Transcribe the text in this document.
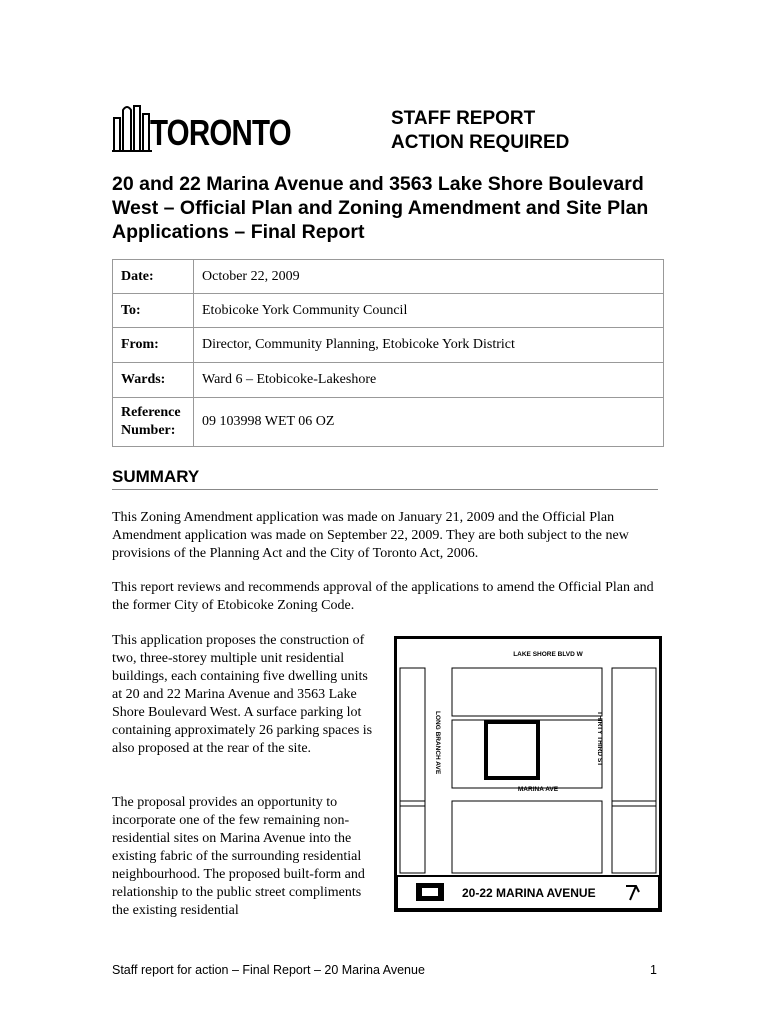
TORONTO	STAFF REPORT
ACTION REQUIRED
20 and 22 Marina Avenue and 3563 Lake Shore Boulevard West – Official Plan and Zoning Amendment and Site Plan Applications – Final Report
Date:	October 22, 2009
To:	Etobicoke York Community Council
From:	Director, Community Planning, Etobicoke York District
Wards:	Ward 6 – Etobicoke-Lakeshore

Reference
Number:	09 103998 WET 06 OZ
SUMMARY

This Zoning Amendment application was made on January 21, 2009 and the Official Plan Amendment application was made on September 22, 2009. They are both subject to the new provisions of the Planning Act and the City of Toronto Act, 2006.

This report reviews and recommends approval of the applications to amend the Official Plan and the former City of Etobicoke Zoning Code.

This application proposes the construction of two, three-storey multiple unit residential buildings, each containing five dwelling units at 20 and 22 Marina Avenue and 3563 Lake Shore Boulevard West. A surface parking lot containing approximately 26 parking spaces is also proposed at the rear of the site.

The proposal provides an opportunity to incorporate one of the few remaining non-residential sites on Marina Avenue into the existing fabric of the surrounding residential neighbourhood. The proposed built-form and relationship to the public street compliments the existing residential

LAKE SHORE BLVD W
LONG BRANCH AVE	THIRTY THIRD ST
MARINA AVE
20-22 MARINA AVENUE
Staff report for action – Final Report – 20 Marina Avenue	1
